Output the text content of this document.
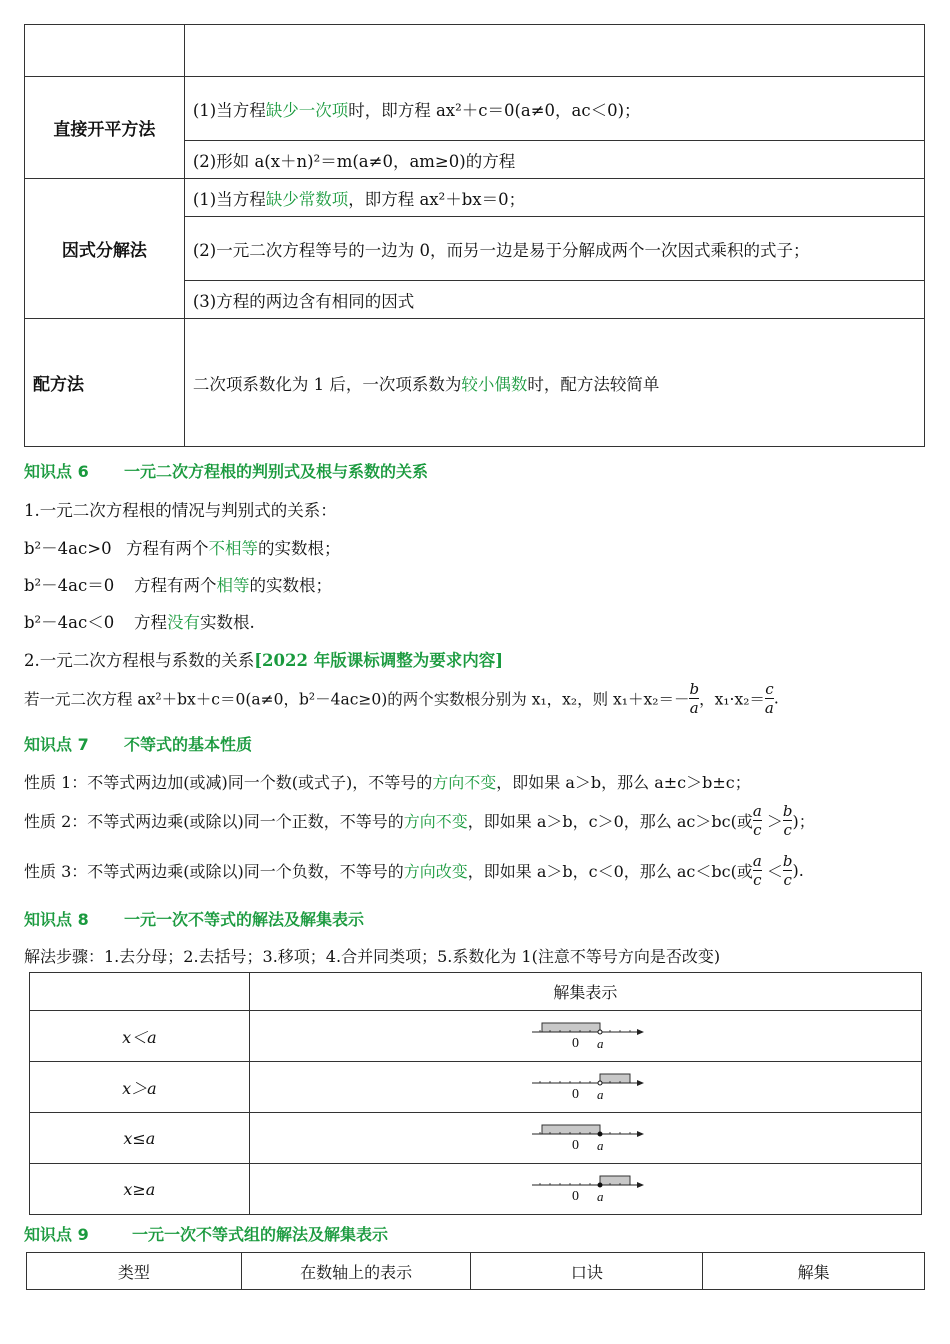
直接开平方法	(1)当方程缺少一次项时，即方程 ax²＋c＝0(a≠0，ac＜0)；
	(2)形如 a(x＋n)²＝m(a≠0，am≥0)的方程
因式分解法	(1)当方程缺少常数项，即方程 ax²＋bx＝0；
	(2)一元二次方程等号的一边为 0，而另一边是易于分解成两个一次因式乘积的式子；
	(3)方程的两边含有相同的因式
配方法	二次项系数化为 1 后，一次项系数为较小偶数时，配方法较简单
知识点 6 一元二次方程根的判别式及根与系数的关系
1.一元二次方程根的情况与判别式的关系：
b²－4ac>0 方程有两个不相等的实数根；
b²－4ac＝0 方程有两个相等的实数根；
b²－4ac＜0 方程没有实数根.
2.一元二次方程根与系数的关系[2022 年版课标调整为要求内容]
若一元二次方程 ax²＋bx＋c＝0(a≠0，b²－4ac≥0)的两个实数根分别为 x₁，x₂，则 $x_1+x_2=- \frac{b}{a}$ ，$x_1\cdot x_2= \frac{c}{a}$ .
知识点 7 不等式的基本性质
性质 1：不等式两边加(或减)同一个数(或式子)，不等号的方向不变，即如果 a＞b，那么 a±c＞b±c；
性质 2：不等式两边乘(或除以)同一个正数，不等号的方向不变，即如果 a＞b，c＞0，那么 ac＞bc(或 $\frac{a}{c} > \frac{b}{c}$ )；
性质 3：不等式两边乘(或除以)同一个负数，不等号的方向改变，即如果 a＞b，c＜0，那么 ac＜bc(或 $\frac{a}{c} < \frac{b}{c}$ ).
知识点 8 一元一次不等式的解法及解集表示
解法步骤：1.去分母；2.去括号；3.移项；4.合并同类项；5.系数化为 1(注意不等号方向是否改变)
	解集表示
x＜a	0 a

x＞a	0 a

x≤a	0 a

x≥a	0 a
知识点 9	一元一次不等式组的解法及解集表示
类型	在数轴上的表示	口诀	解集
